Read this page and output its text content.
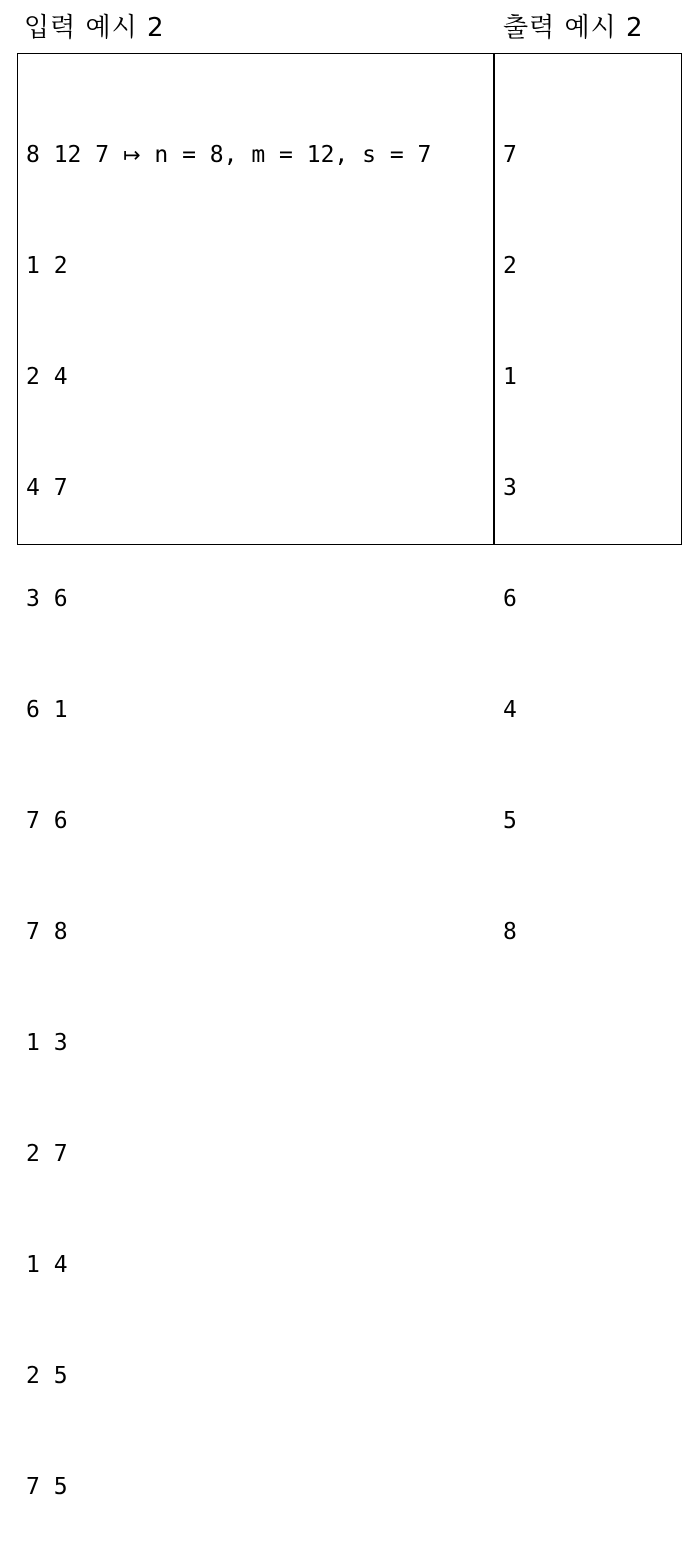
입력 예시 2	출력 예시 2

8 12 7 ↦ n = 8, m = 12, s = 7

1 2

2 4

4 7

3 6

6 1

7 6

7 8

1 3

2 7

1 4

2 5

7 5

7

2

1

3

6

4

5

8
